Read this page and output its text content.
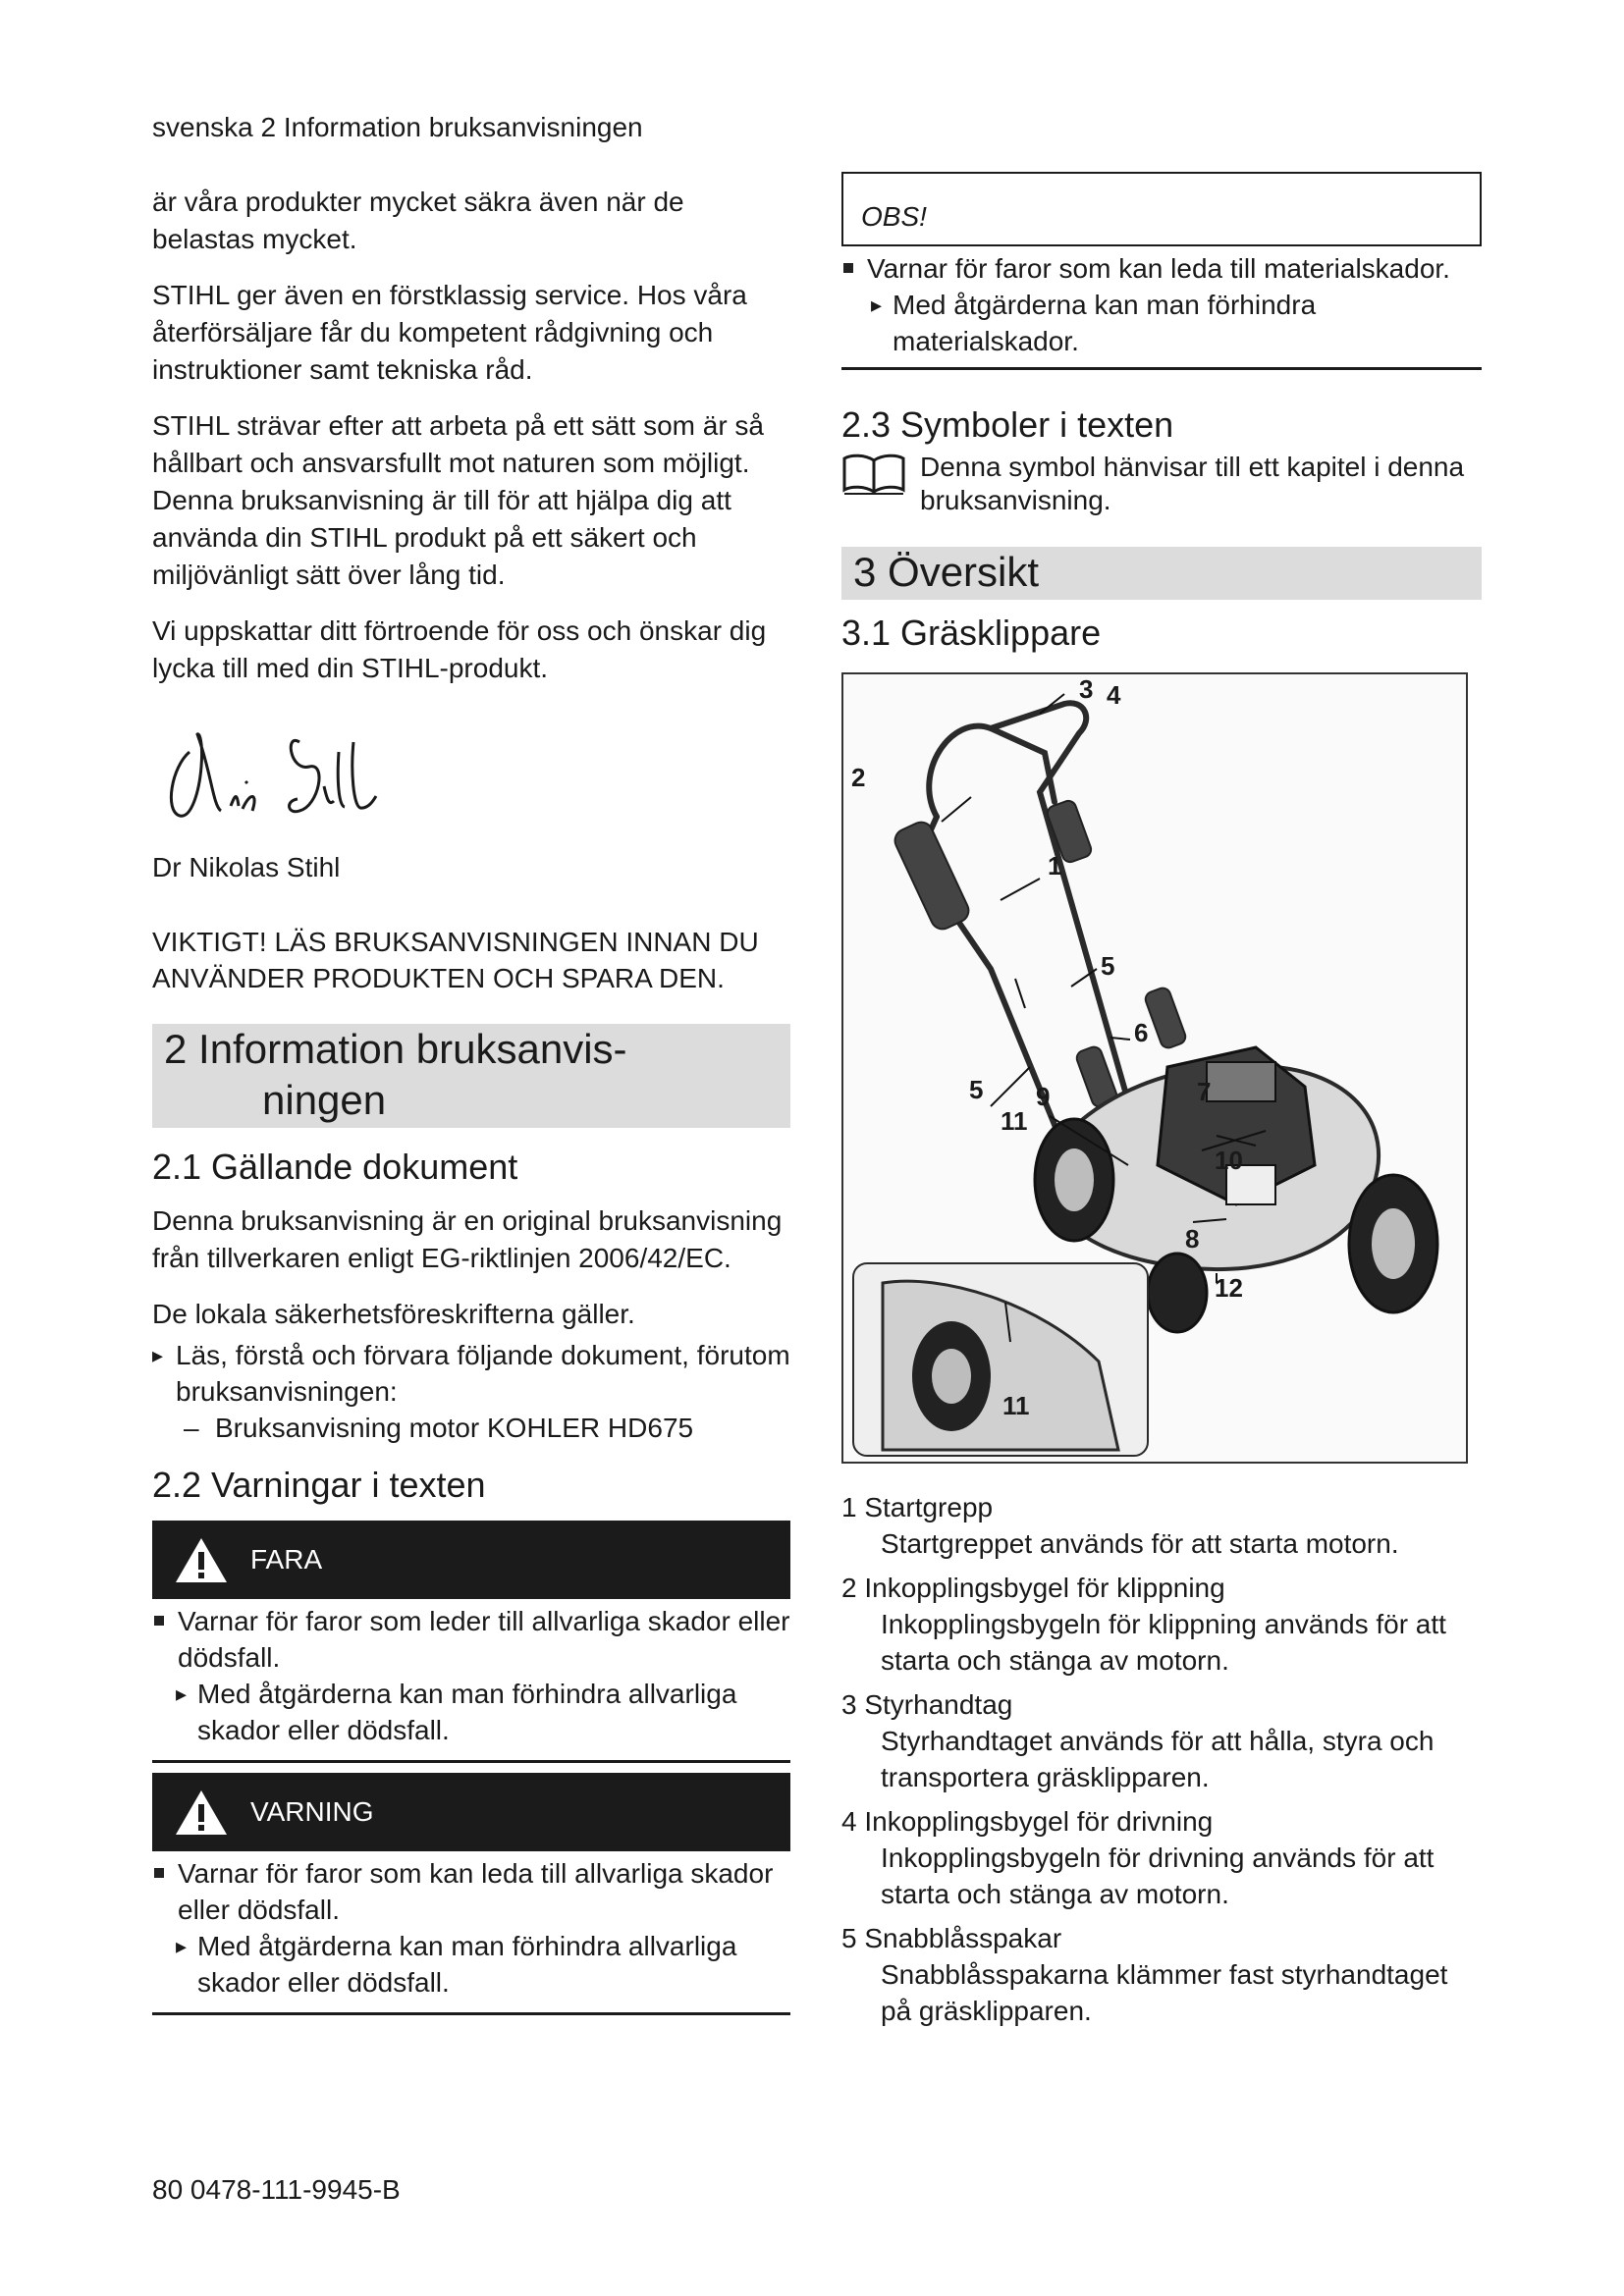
svenska 2 Information bruksanvisningen

är våra produkter mycket säkra även när de belastas mycket.

STIHL ger även en förstklassig service. Hos våra återförsäljare får du kompetent rådgivning och instruktioner samt tekniska råd.

STIHL strävar efter att arbeta på ett sätt som är så hållbart och ansvarsfullt mot naturen som möjligt. Denna bruksanvisning är till för att hjälpa dig att använda din STIHL produkt på ett säkert och miljövänligt sätt över lång tid.

Vi uppskattar ditt förtroende för oss och önskar dig lycka till med din STIHL-produkt.

Dr Nikolas Stihl
VIKTIGT! LÄS BRUKSANVISNINGEN INNAN DU ANVÄNDER PRODUKTEN OCH SPARA DEN.
2 Information bruksanvis-
ningen
2.1 Gällande dokument

Denna bruksanvisning är en original bruksanvisning från tillverkaren enligt EG-riktlinjen 2006/42/EC.

De lokala säkerhetsföreskrifterna gäller.

▸ Läs, förstå och förvara följande dokument, förutom bruksanvisningen:
– Bruksanvisning motor KOHLER HD675
2.2 Varningar i texten
FARA
Varnar för faror som leder till allvarliga skador eller dödsfall.
▸ Med åtgärderna kan man förhindra allvarliga skador eller dödsfall.
VARNING
Varnar för faror som kan leda till allvarliga skador eller dödsfall.
▸ Med åtgärderna kan man förhindra allvarliga skador eller dödsfall.
OBS!
Varnar för faror som kan leda till materialskador.
▸ Med åtgärderna kan man förhindra materialskador.
2.3 Symboler i texten
Denna symbol hänvisar till ett kapitel i denna bruksanvisning.
3 Översikt
3.1 Gräsklippare
3 4
2
1
5
5
6
7
8
9
10
11
11
12
1 Startgrepp
Startgreppet används för att starta motorn.
2 Inkopplingsbygel för klippning
Inkopplingsbygeln för klippning används för att starta och stänga av motorn.
3 Styrhandtag
Styrhandtaget används för att hålla, styra och transportera gräsklipparen.
4 Inkopplingsbygel för drivning
Inkopplingsbygeln för drivning används för att starta och stänga av motorn.
5 Snabblåsspakar
Snabblåsspakarna klämmer fast styrhandtaget på gräsklipparen.
80 0478-111-9945-B
